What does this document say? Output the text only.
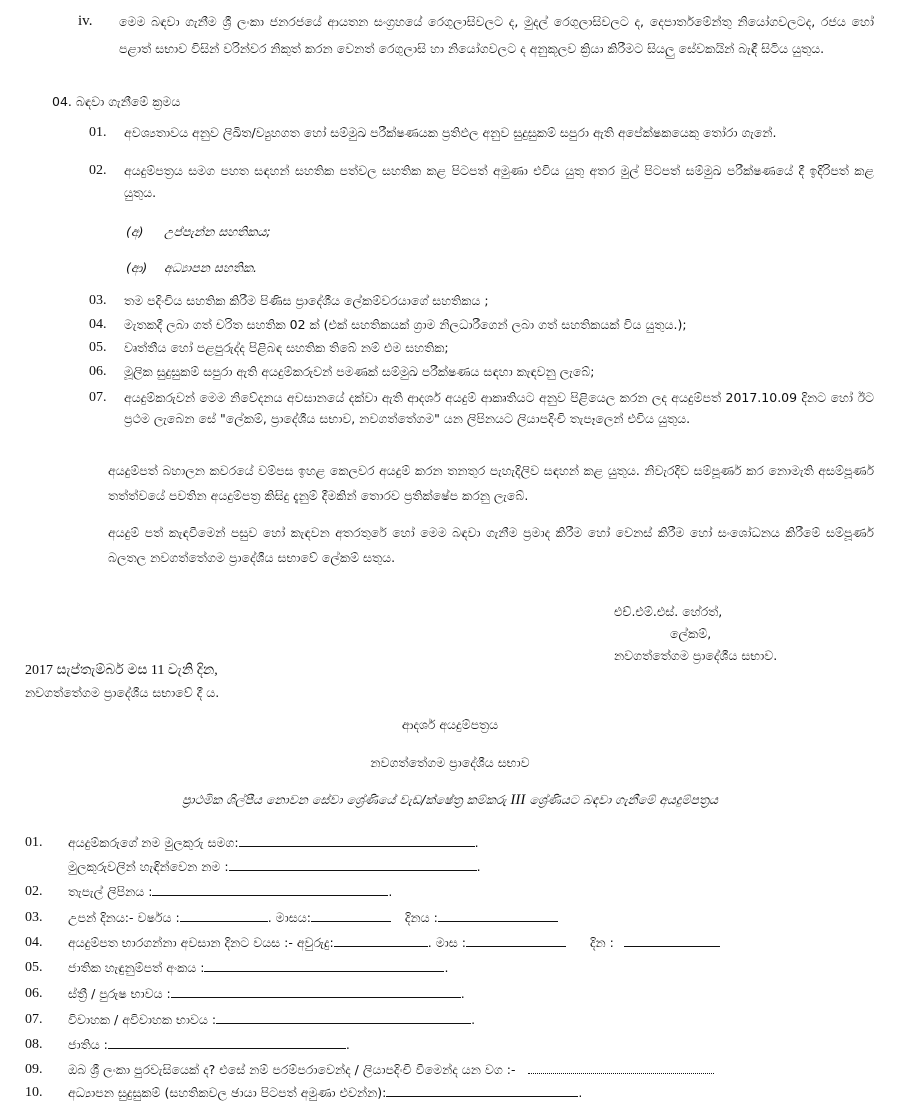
iv. මෙම බඳවා ගැනීම ශ්‍රී ලංකා ජනරජයේ ආයතන සංග්‍රහයේ රෙගුලාසිවලට ද, මුදල් රෙගුලාසිවලට ද, දෙපාර්තමේන්තු නියෝගවලටද, රජය හෝ පළාත් සභාව විසින් වරින්වර නිකුත් කරන වෙනත් රෙගුලාසි හා නියෝගවලට ද අනුකූලව ක්‍රියා කිරීමට සියලු සේවකයින් බැඳී සිටිය යුතුය.
04. බඳවා ගැනීමේ ක්‍රමය
01. අවශ්‍යතාවය අනුව ලිඛිත/ව්‍යුහගත හෝ සම්මුඛ පරීක්ෂණයක ප්‍රතිඵල අනුව සුදුසුකම් සපුරා ඇති අපේක්ෂකයෙකු තෝරා ගැනේ.
02. අයදුම්පත්‍රය සමග පහත සඳහන් සහතික පත්වල සහතික කළ පිටපත් අමුණා එවිය යුතු අතර මුල් පිටපත් සම්මුඛ පරීක්ෂණයේ දී ඉදිරිපත් කළ යුතුය.
(අ) උප්පැන්න සහතිකය;
(ආ) අධ්‍යාපන සහතික.
03. තම පදිංචිය සහතික කිරීම පිණිස ප්‍රාදේශීය ලේකම්වරයාගේ සහතිකය ;
04. මැතකදී ලබා ගත් චරිත සහතික 02 ක් (එක් සහතිකයක් ග්‍රාම නිලධාරීගෙන් ලබා ගත් සහතිකයක් විය යුතුය.);
05. වෘත්තීය හෝ පළපුරුද්ද පිළිබඳ සහතික තිබේ නම් එම සහතික;
06. මූලික සුදුසුකම් සපුරා ඇති අයදුම්කරුවන් පමණක් සම්මුඛ පරීක්ෂණය සඳහා කැඳවනු ලැබේ;
07. අයදුම්කරුවන් මෙම නිවේදනය අවසානයේ දක්වා ඇති ආදර්ශ අයදුම් ආකෘතියට අනුව පිළියෙල කරන ලද අයදුම්පත් 2017.10.09 දිනට හෝ ඊට ප්‍රථම ලැබෙන සේ "ලේකම්, ප්‍රාදේශීය සභාව, නවගත්තේගම" යන ලිපිනයට ලියාපදිංචි තැපෑලෙන් එවිය යුතුය.
අයදුම්පත් බහාලන කවරයේ වම්පස ඉහළ කෙලවර අයදුම් කරන තනතුර පැහැදිලිව සඳහන් කළ යුතුය. නිවැරදිව සම්පූර්ණ කර නොමැති අසම්පූර්ණ තත්ත්වයේ පවතින අයදුම්පත්‍ර කිසිදු දැනුම් දීමකින් තොරව ප්‍රතික්ෂේප කරනු ලැබේ.
අයදුම් පත් කැඳවීමෙන් පසුව හෝ කැඳවන අතරතුරේ හෝ මෙම බඳවා ගැනීම ප්‍රමාද කිරීම හෝ වෙනස් කිරීම හෝ සංශෝධනය කිරීමේ සම්පූර්ණ බලතල නවගත්තේගම ප්‍රාදේශීය සභාවේ ලේකම් සතුය.
එච්.එම්.එස්. හේරත්,
ලේකම්,
නවගත්තේගම ප්‍රාදේශීය සභාව.
2017 සැප්තැම්බර් මස 11 වැනි දින,
නවගත්තේගම ප්‍රාදේශීය සභාවේ දී ය.
ආදර්ශ අයදුම්පත්‍රය
නවගත්තේගම ප්‍රාදේශීය සභාව
ප්‍රාථමික ශිල්පීය නොවන සේවා ශ්‍රේණියේ වැඩ/ක්ෂේත්‍ර කම්කරු III ශ්‍රේණියට බඳවා ගැනීමේ අයදුම්පත්‍රය
01. අයදුම්කරුගේ නම මුලකුරු සමග:	.
මුලකුරුවලින් හැඳින්වෙන නම :	.
02. තැපැල් ලිපිනය :	.
03. උපන් දිනය:- වර්ෂය :	. මාසය:	දිනය :
04. අයදුම්පත භාරගන්නා අවසාන දිනට වයස :- අවුරුදු:	. මාස :	දින :
05. ජාතික හැඳුනුම්පත් අංකය :	.
06. ස්ත්‍රී / පුරුෂ භාවය :	.
07. විවාහක / අවිවාහක භාවය :	.
08. ජාතිය :	.
09. ඔබ ශ්‍රී ලංකා පුරවැසියෙක් ද? එසේ නම් පරම්පරාවෙන්ද / ලියාපදිංචි වීමෙන්ද යන වග :-
10. අධ්‍යාපන සුදුසුකම් (සහතිකවල ඡායා පිටපත් අමුණා එවන්න):	.
